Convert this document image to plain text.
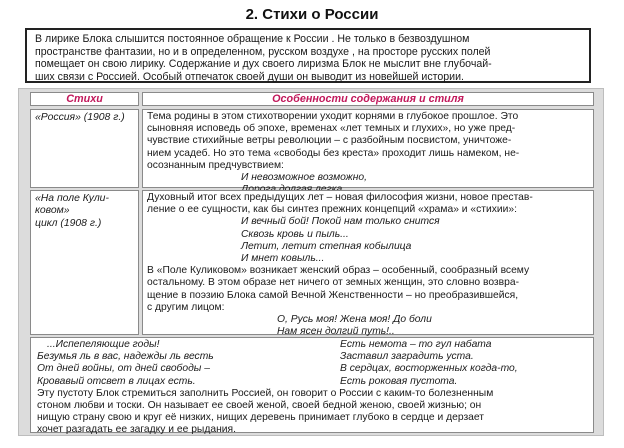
2. Стихи о России

В лирике Блока слышится постоянное обращение к России . Не только в безвоздушном

пространстве фантазии, но и в определенном, русском воздухе , на просторе русских полей

помещает он свою лирику. Содержание и дух своего лиризма Блок не мыслит вне глубочай-

ших связи с Россией. Особый отпечаток своей души он выводит из новейшей истории.

Стихи	Особенности содержания и стиля
«Россия» (1908 г.)	Тема родины в этом стихотворении уходит корнями в глубокое прошлое. Это

сыновняя исповедь об эпохе, временах «лет темных и глухих», но уже пред-

чувствие стихийные ветры революции – с разбойным посвистом, уничтоже-

нием усадеб. Но это тема «свободы без креста» проходит лишь намеком, не-

осознанным предчувствием:

И невозможное возможно,

«На поле Кули-
ковом»
цикл (1908 г.)

Духовный итог всех предыдущих лет – новая философия жизни, новое престав-

ление о ее сущности, как бы синтез прежних концепций «храма» и «стихии»:

И вечный бой! Покой нам только снится

Сквозь кровь и пыль...

Летит, летит степная кобылица

И мнет ковыль...

В «Поле Куликовом» возникает женский образ – особенный, сообразный всему

остальному. В этом образе нет ничего от земных женщин, это словно возвра-

щение в поэзию Блока самой Вечной Женственности – но преобразившейся,

с другим лицом:

О, Русь моя! Жена моя! До боли

Нам ясен долгий путь!..

...Испепеляющие годы!

Безумья ль в вас, надежды ль весть

От дней войны, от дней свободы –

Кровавый отсвет в лицах есть.

Есть немота – то гул набата

Заставил заградить уста.

В сердцах, восторженных когда-то,

Есть роковая пустота.

Эту пустоту Блок стремиться заполнить Россией, он говорит о России с каким-то болезненным

стоном любви и тоски. Он называет ее своей женой, своей бедной женою, своей жизнью; он

нищую страну свою и круг её низких, нищих деревень принимает глубоко в сердце и дерзает

хочет разгадать ее загадку и ее рыдания.
